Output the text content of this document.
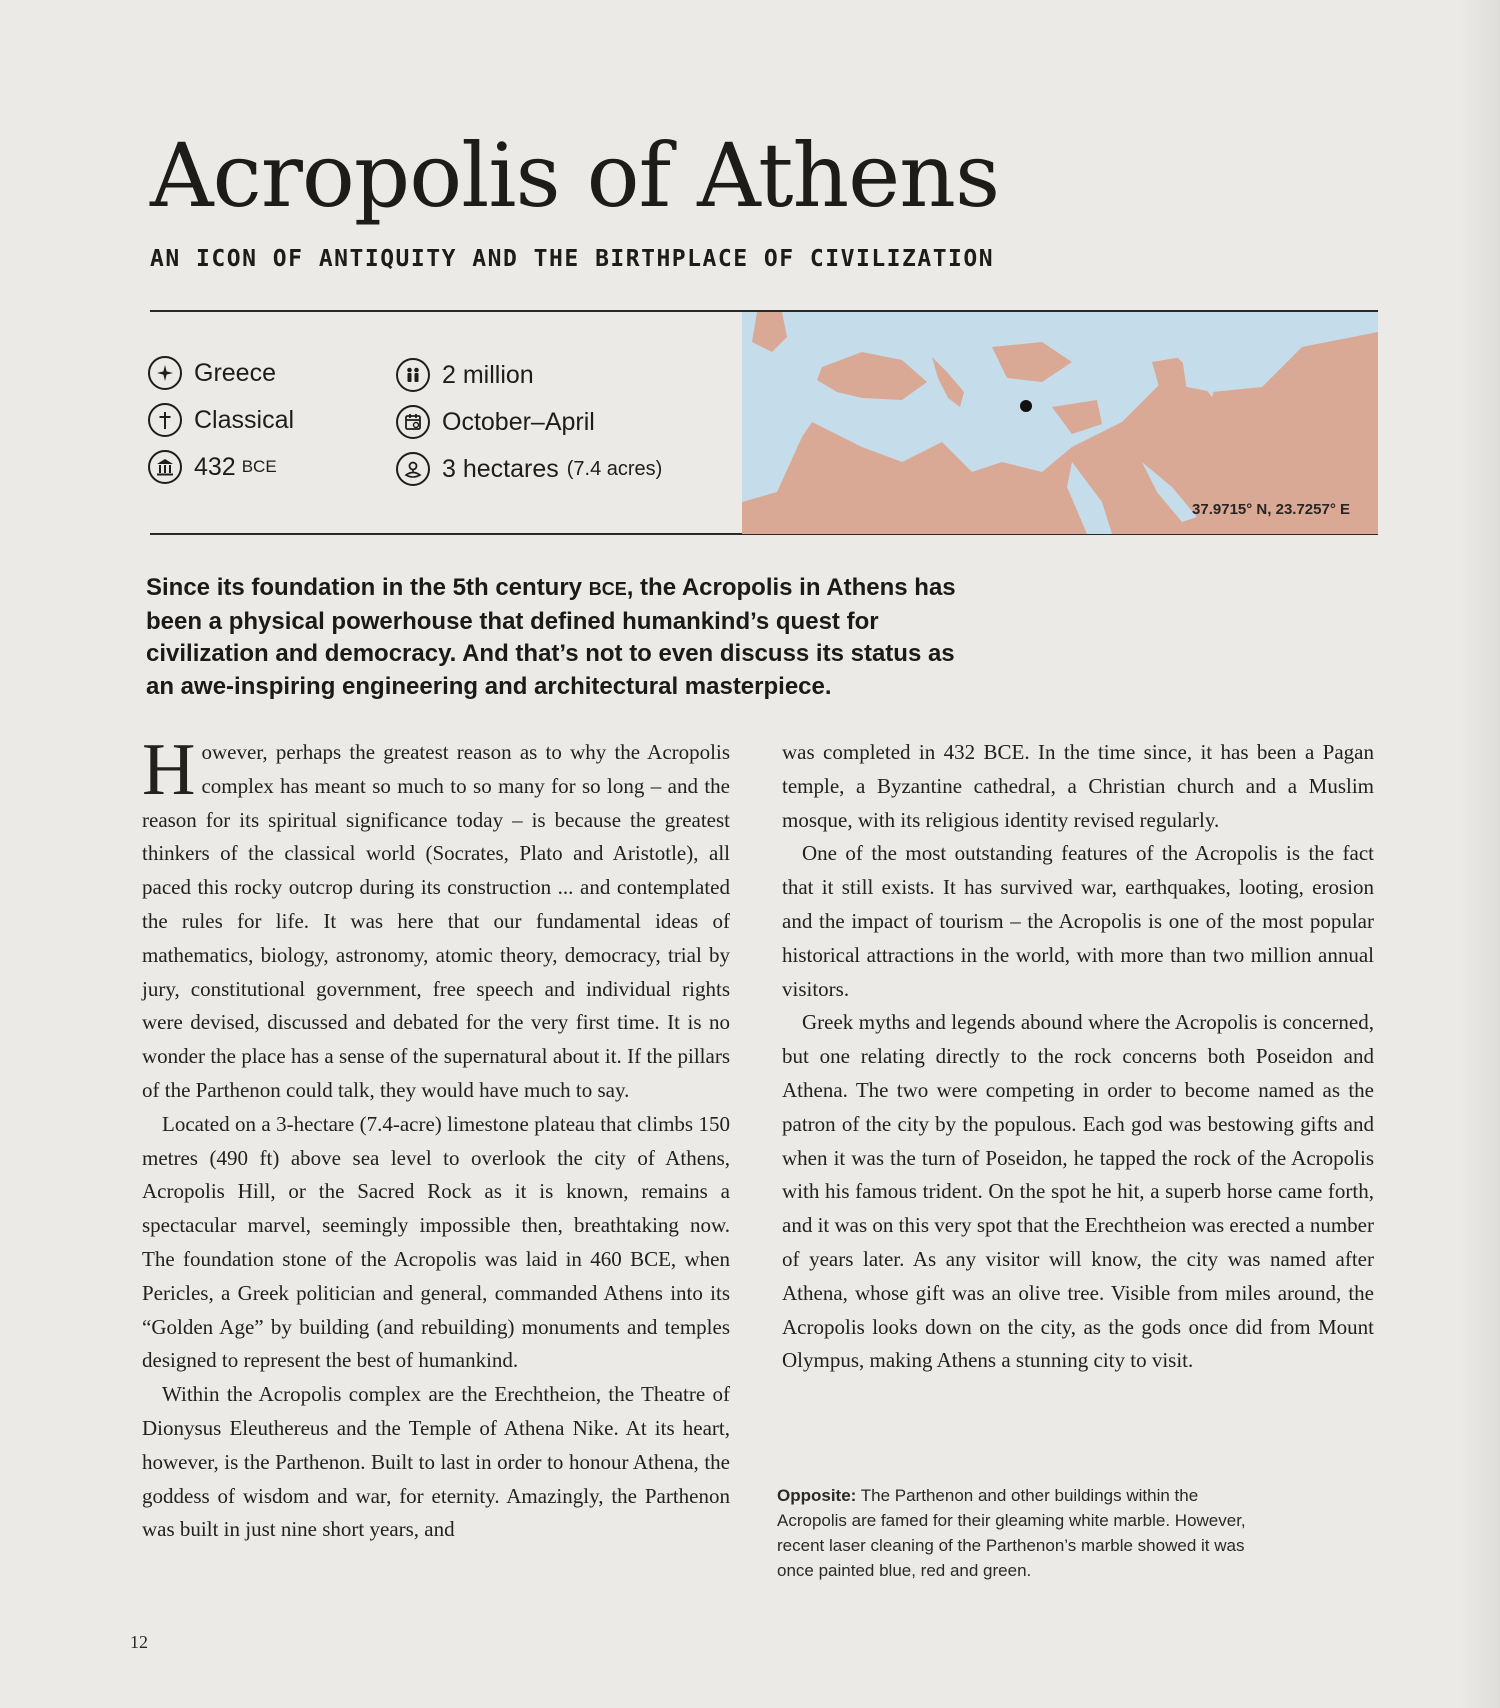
Acropolis of Athens
AN ICON OF ANTIQUITY AND THE BIRTHPLACE OF CIVILIZATION
Greece
Classical
432 BCE
2 million
October–April
3 hectares (7.4 acres)
37.9715° N, 23.7257° E

Since its foundation in the 5th century BCE, the Acropolis in Athens has been a physical powerhouse that defined humankind’s quest for civilization and democracy. And that’s not to even discuss its status as an awe-inspiring engineering and architectural masterpiece.

However, perhaps the greatest reason as to why the Acropolis complex has meant so much to so many for so long – and the reason for its spiritual significance today – is because the greatest thinkers of the classical world (Socrates, Plato and Aristotle), all paced this rocky outcrop during its construction ... and contemplated the rules for life. It was here that our fundamental ideas of mathematics, biology, astronomy, atomic theory, democracy, trial by jury, constitutional government, free speech and individual rights were devised, discussed and debated for the very first time. It is no wonder the place has a sense of the supernatural about it. If the pillars of the Parthenon could talk, they would have much to say.

Located on a 3-hectare (7.4-acre) limestone plateau that climbs 150 metres (490 ft) above sea level to overlook the city of Athens, Acropolis Hill, or the Sacred Rock as it is known, remains a spectacular marvel, seemingly impossible then, breathtaking now. The foundation stone of the Acropolis was laid in 460 BCE, when Pericles, a Greek politician and general, commanded Athens into its “Golden Age” by building (and rebuilding) monuments and temples designed to represent the best of humankind.

Within the Acropolis complex are the Erechtheion, the Theatre of Dionysus Eleuthereus and the Temple of Athena Nike. At its heart, however, is the Parthenon. Built to last in order to honour Athena, the goddess of wisdom and war, for eternity. Amazingly, the Parthenon was built in just nine short years, and

was completed in 432 BCE. In the time since, it has been a Pagan temple, a Byzantine cathedral, a Christian church and a Muslim mosque, with its religious identity revised regularly.

One of the most outstanding features of the Acropolis is the fact that it still exists. It has survived war, earthquakes, looting, erosion and the impact of tourism – the Acropolis is one of the most popular historical attractions in the world, with more than two million annual visitors.

Greek myths and legends abound where the Acropolis is concerned, but one relating directly to the rock concerns both Poseidon and Athena. The two were competing in order to become named as the patron of the city by the populous. Each god was bestowing gifts and when it was the turn of Poseidon, he tapped the rock of the Acropolis with his famous trident. On the spot he hit, a superb horse came forth, and it was on this very spot that the Erechtheion was erected a number of years later. As any visitor will know, the city was named after Athena, whose gift was an olive tree. Visible from miles around, the Acropolis looks down on the city, as the gods once did from Mount Olympus, making Athens a stunning city to visit.

Opposite: The Parthenon and other buildings within the Acropolis are famed for their gleaming white marble. However, recent laser cleaning of the Parthenon’s marble showed it was once painted blue, red and green.

12
